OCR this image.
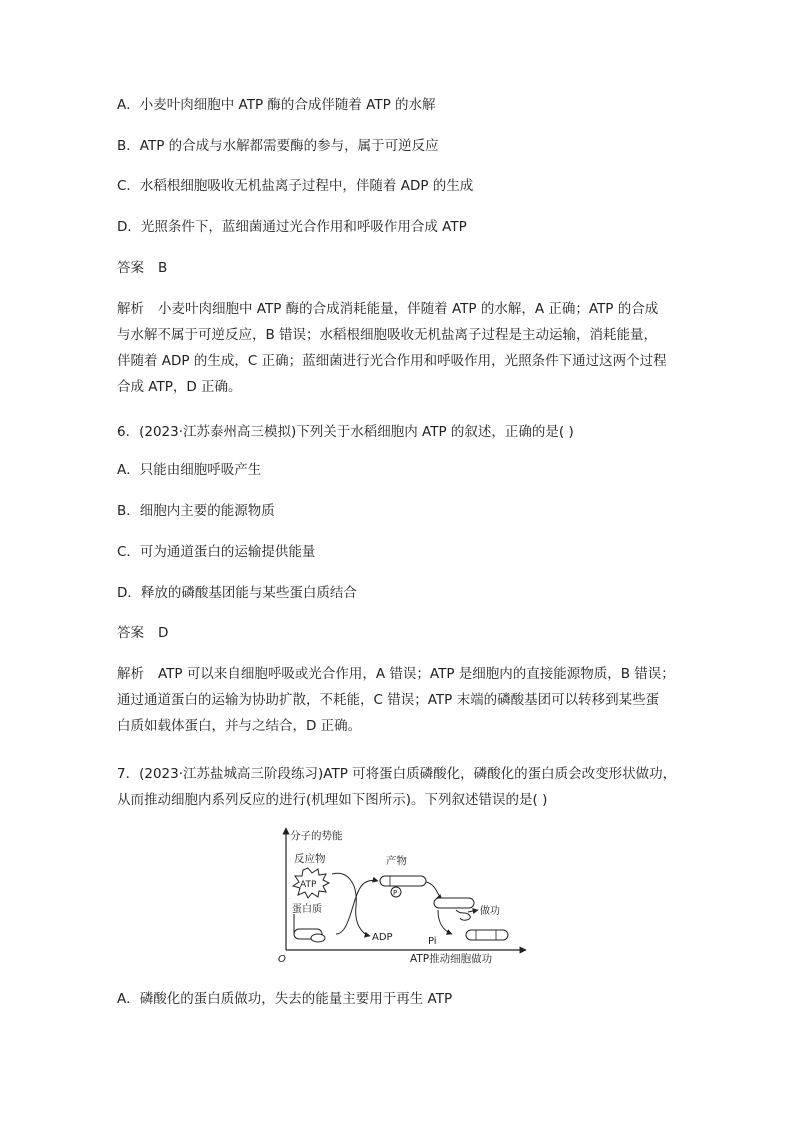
A．小麦叶肉细胞中 ATP 酶的合成伴随着 ATP 的水解
B．ATP 的合成与水解都需要酶的参与，属于可逆反应
C．水稻根细胞吸收无机盐离子过程中，伴随着 ADP 的生成
D．光照条件下，蓝细菌通过光合作用和呼吸作用合成 ATP
答案 B
解析 小麦叶肉细胞中 ATP 酶的合成消耗能量，伴随着 ATP 的水解，A 正确；ATP 的合成
与水解不属于可逆反应，B 错误；水稻根细胞吸收无机盐离子过程是主动运输，消耗能量，
伴随着 ADP 的生成，C 正确；蓝细菌进行光合作用和呼吸作用，光照条件下通过这两个过程
合成 ATP，D 正确。
6．(2023·江苏泰州高三模拟)下列关于水稻细胞内 ATP 的叙述，正确的是( )
A．只能由细胞呼吸产生
B．细胞内主要的能源物质
C．可为通道蛋白的运输提供能量
D．释放的磷酸基团能与某些蛋白质结合
答案 D
解析 ATP 可以来自细胞呼吸或光合作用，A 错误；ATP 是细胞内的直接能源物质，B 错误；
通过通道蛋白的运输为协助扩散，不耗能，C 错误；ATP 末端的磷酸基团可以转移到某些蛋
白质如载体蛋白，并与之结合，D 正确。
7．(2023·江苏盐城高三阶段练习)ATP 可将蛋白质磷酸化，磷酸化的蛋白质会改变形状做功，
从而推动细胞内系列反应的进行(机理如下图所示)。下列叙述错误的是( )
分子的势能
O	ATP推动细胞做功
反应物
ATP
蛋白质
ADP
产物
P
做功
Pi
A．磷酸化的蛋白质做功，失去的能量主要用于再生 ATP
